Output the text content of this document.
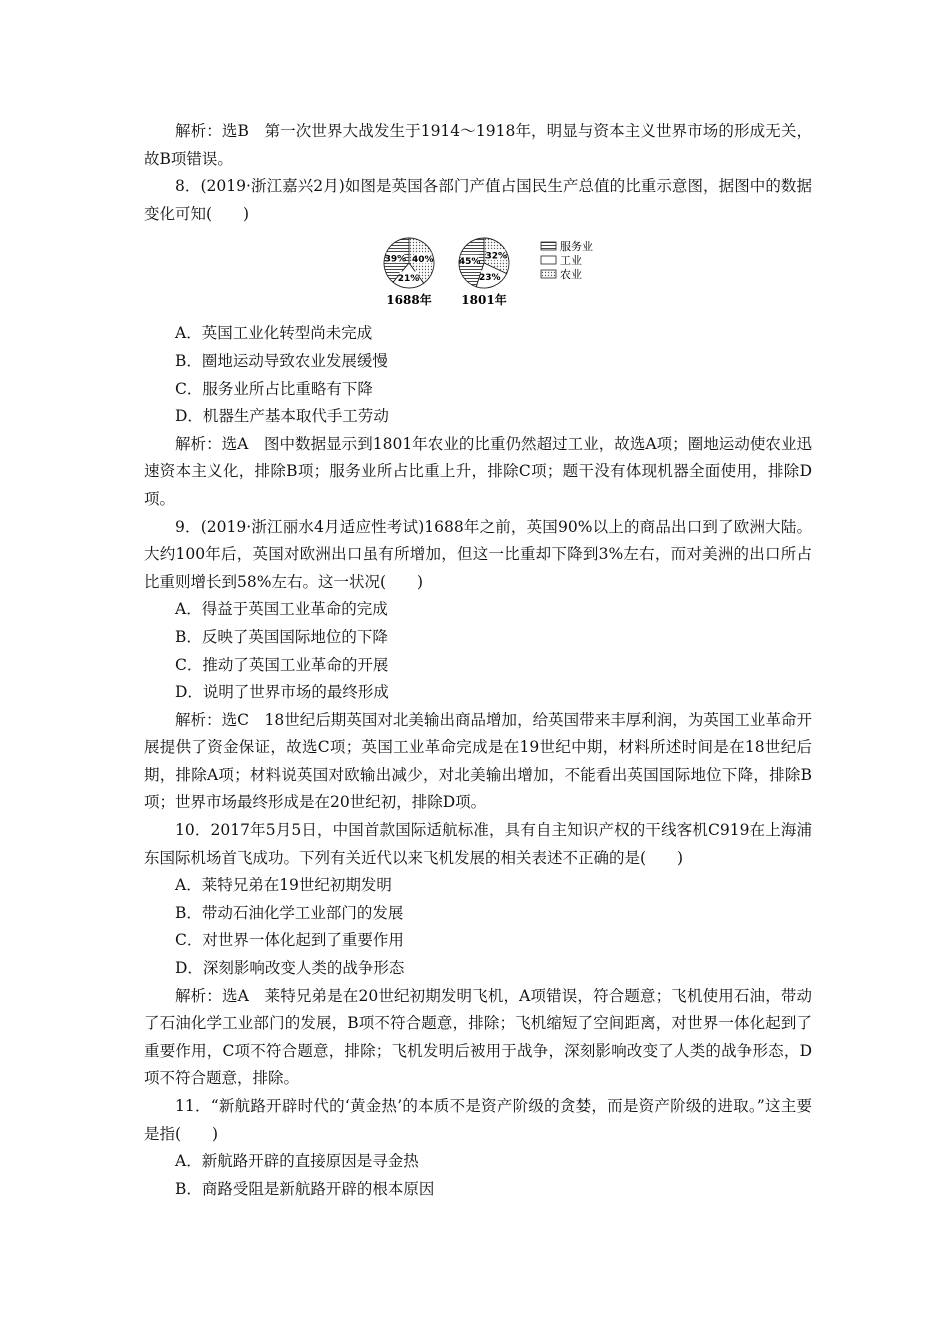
解析：选B　第一次世界大战发生于1914～1918年，明显与资本主义世界市场的形成无关，故B项错误。

8．(2019·浙江嘉兴2月)如图是英国各部门产值占国民生产总值的比重示意图，据图中的数据变化可知(　　)

39% 40%
21%
1688年
45%
32%
23%
1801年
服务业
工业
农业

A．英国工业化转型尚未完成

B．圈地运动导致农业发展缓慢

C．服务业所占比重略有下降

D．机器生产基本取代手工劳动

解析：选A　图中数据显示到1801年农业的比重仍然超过工业，故选A项；圈地运动使农业迅速资本主义化，排除B项；服务业所占比重上升，排除C项；题干没有体现机器全面使用，排除D项。

9．(2019·浙江丽水4月适应性考试)1688年之前，英国90%以上的商品出口到了欧洲大陆。大约100年后，英国对欧洲出口虽有所增加，但这一比重却下降到3%左右，而对美洲的出口所占比重则增长到58%左右。这一状况(　　)

A．得益于英国工业革命的完成

B．反映了英国国际地位的下降

C．推动了英国工业革命的开展

D．说明了世界市场的最终形成

解析：选C　18世纪后期英国对北美输出商品增加，给英国带来丰厚利润，为英国工业革命开展提供了资金保证，故选C项；英国工业革命完成是在19世纪中期，材料所述时间是在18世纪后期，排除A项；材料说英国对欧输出减少，对北美输出增加，不能看出英国国际地位下降，排除B项；世界市场最终形成是在20世纪初，排除D项。

10．2017年5月5日，中国首款国际适航标准，具有自主知识产权的干线客机C919在上海浦东国际机场首飞成功。下列有关近代以来飞机发展的相关表述不正确的是(　　)

A．莱特兄弟在19世纪初期发明

B．带动石油化学工业部门的发展

C．对世界一体化起到了重要作用

D．深刻影响改变人类的战争形态

解析：选A　莱特兄弟是在20世纪初期发明飞机，A项错误，符合题意；飞机使用石油，带动了石油化学工业部门的发展，B项不符合题意，排除；飞机缩短了空间距离，对世界一体化起到了重要作用，C项不符合题意，排除；飞机发明后被用于战争，深刻影响改变了人类的战争形态，D项不符合题意，排除。

11．“新航路开辟时代的‘黄金热’的本质不是资产阶级的贪婪，而是资产阶级的进取。”这主要是指(　　)

A．新航路开辟的直接原因是寻金热

B．商路受阻是新航路开辟的根本原因
